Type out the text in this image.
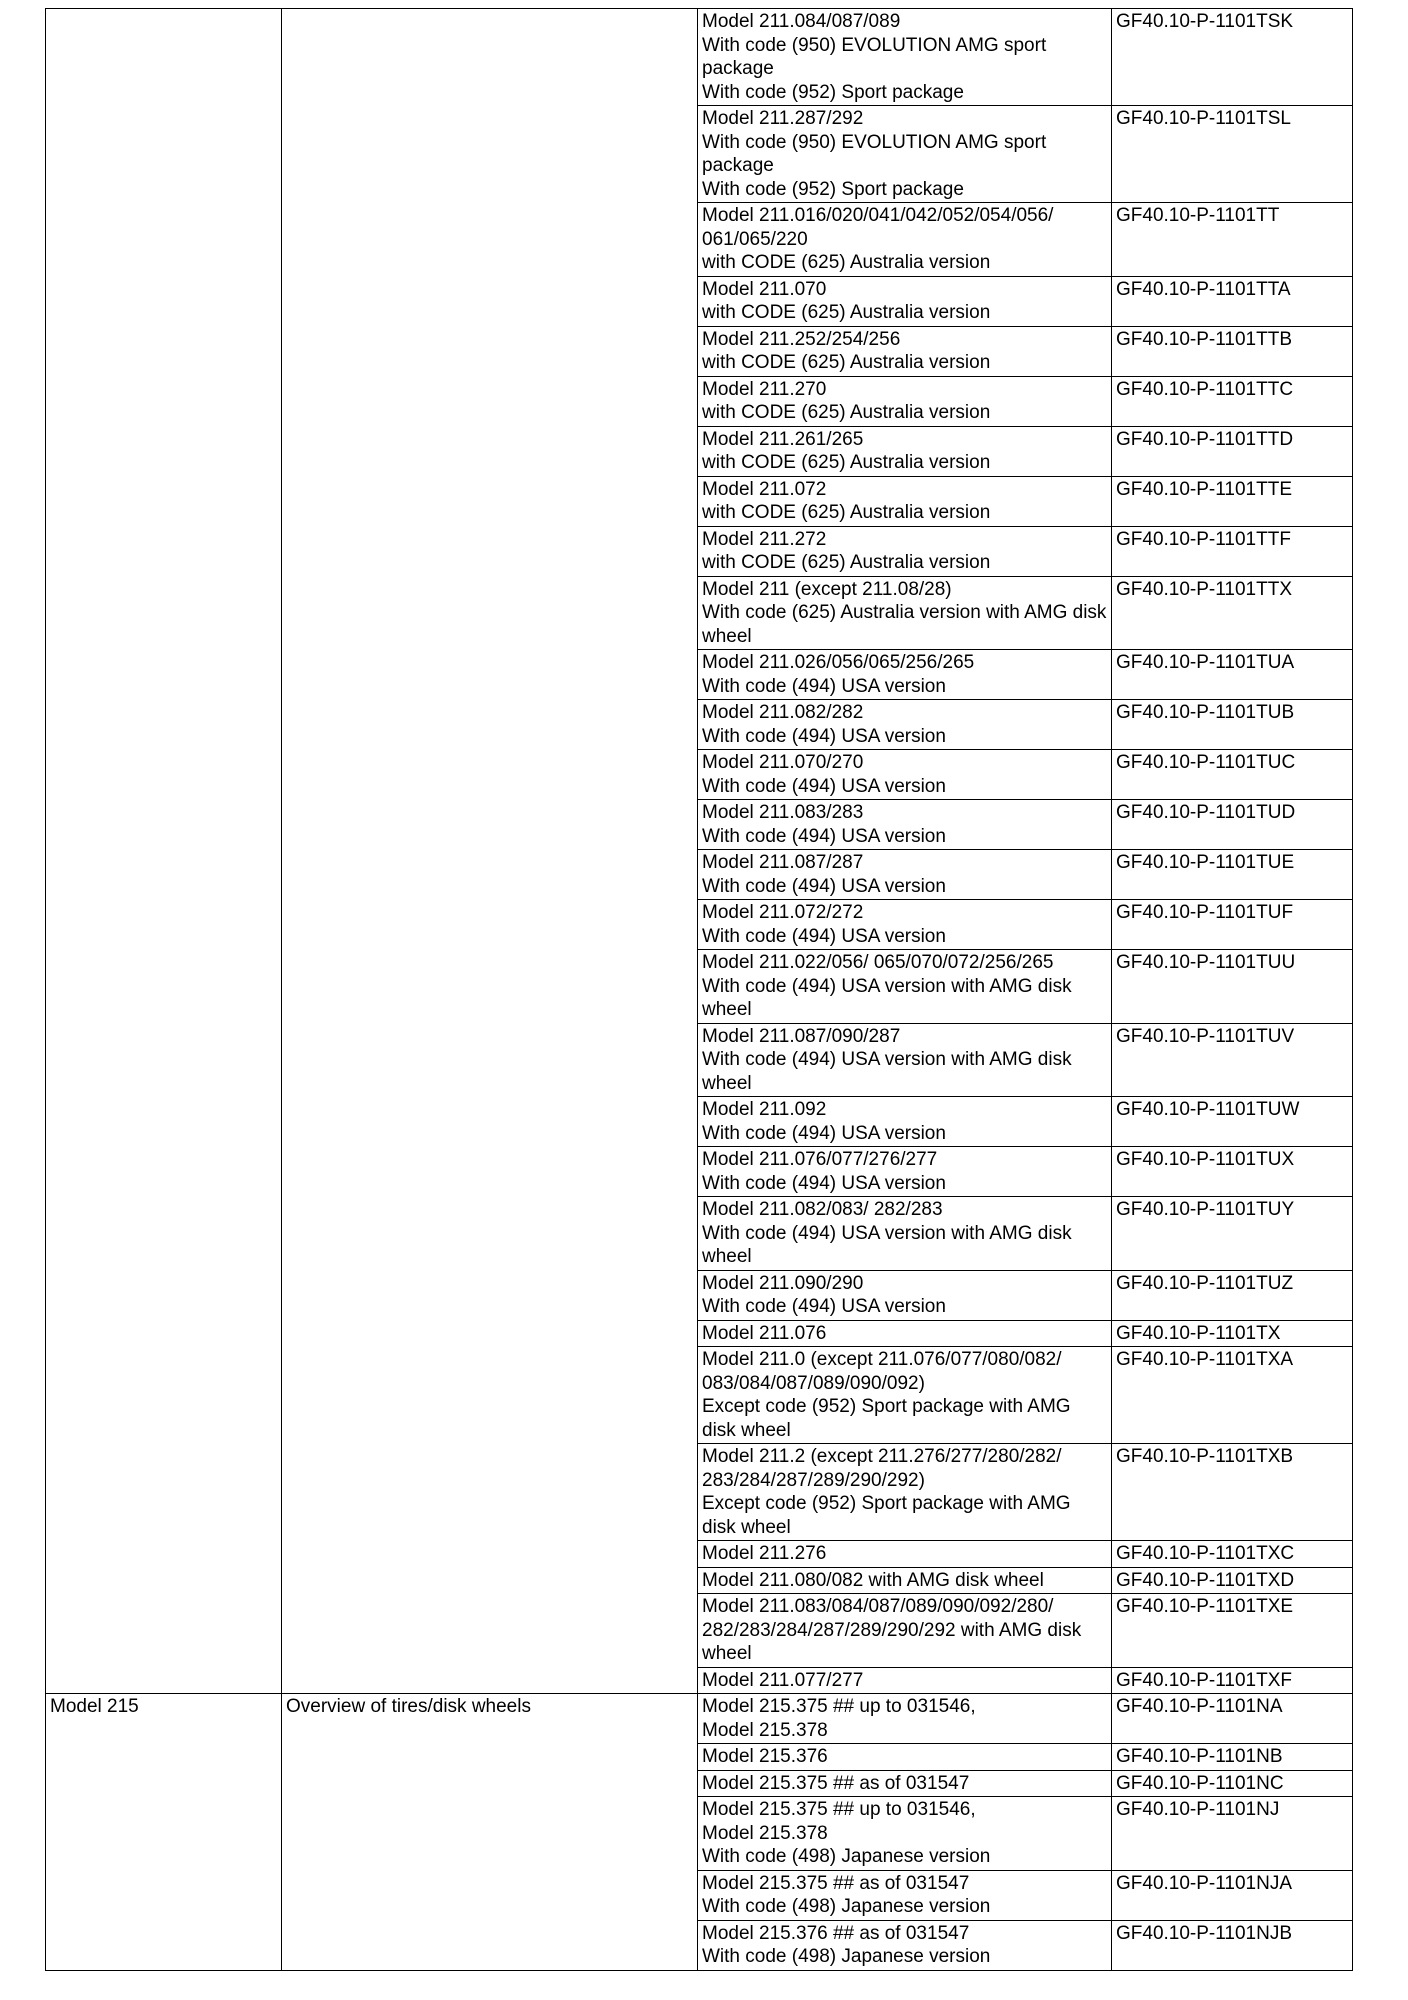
		Model 211.084/087/089
With code (950) EVOLUTION AMG sport package
With code (952) Sport package	GF40.10-P-1101TSK

		Model 211.287/292
With code (950) EVOLUTION AMG sport package
With code (952) Sport package	GF40.10-P-1101TSL

		Model 211.016/020/041/042/052/054/056/ 061/065/220
with CODE (625) Australia version	GF40.10-P-1101TT

		Model 211.070
with CODE (625) Australia version	GF40.10-P-1101TTA

		Model 211.252/254/256
with CODE (625) Australia version	GF40.10-P-1101TTB

		Model 211.270
with CODE (625) Australia version	GF40.10-P-1101TTC

		Model 211.261/265
with CODE (625) Australia version	GF40.10-P-1101TTD

		Model 211.072
with CODE (625) Australia version	GF40.10-P-1101TTE

		Model 211.272
with CODE (625) Australia version	GF40.10-P-1101TTF

		Model 211 (except 211.08/28)
With code (625) Australia version with AMG disk wheel	GF40.10-P-1101TTX

		Model 211.026/056/065/256/265
With code (494) USA version	GF40.10-P-1101TUA

		Model 211.082/282
With code (494) USA version	GF40.10-P-1101TUB

		Model 211.070/270
With code (494) USA version	GF40.10-P-1101TUC

		Model 211.083/283
With code (494) USA version	GF40.10-P-1101TUD

		Model 211.087/287
With code (494) USA version	GF40.10-P-1101TUE

		Model 211.072/272
With code (494) USA version	GF40.10-P-1101TUF

		Model 211.022/056/ 065/070/072/256/265
With code (494) USA version with AMG disk wheel	GF40.10-P-1101TUU

		Model 211.087/090/287
With code (494) USA version with AMG disk wheel	GF40.10-P-1101TUV

		Model 211.092
With code (494) USA version	GF40.10-P-1101TUW

		Model 211.076/077/276/277
With code (494) USA version	GF40.10-P-1101TUX

		Model 211.082/083/ 282/283
With code (494) USA version with AMG disk wheel	GF40.10-P-1101TUY

		Model 211.090/290
With code (494) USA version	GF40.10-P-1101TUZ

		Model 211.076	GF40.10-P-1101TX

		Model 211.0 (except 211.076/077/080/082/ 083/084/087/089/090/092)
Except code (952) Sport package with AMG disk wheel	GF40.10-P-1101TXA

		Model 211.2 (except 211.276/277/280/282/ 283/284/287/289/290/292)
Except code (952) Sport package with AMG disk wheel	GF40.10-P-1101TXB

		Model 211.276	GF40.10-P-1101TXC

		Model 211.080/082 with AMG disk wheel	GF40.10-P-1101TXD

		Model 211.083/084/087/089/090/092/280/ 282/283/284/287/289/290/292 with AMG disk wheel	GF40.10-P-1101TXE

		Model 211.077/277	GF40.10-P-1101TXF

Model 215	Overview of tires/disk wheels	Model 215.375 ## up to 031546,
Model 215.378	GF40.10-P-1101NA

		Model 215.376	GF40.10-P-1101NB

		Model 215.375 ## as of 031547	GF40.10-P-1101NC

		Model 215.375 ## up to 031546,
Model 215.378
With code (498) Japanese version	GF40.10-P-1101NJ

		Model 215.375 ## as of 031547
With code (498) Japanese version	GF40.10-P-1101NJA

		Model 215.376 ## as of 031547
With code (498) Japanese version	GF40.10-P-1101NJB
